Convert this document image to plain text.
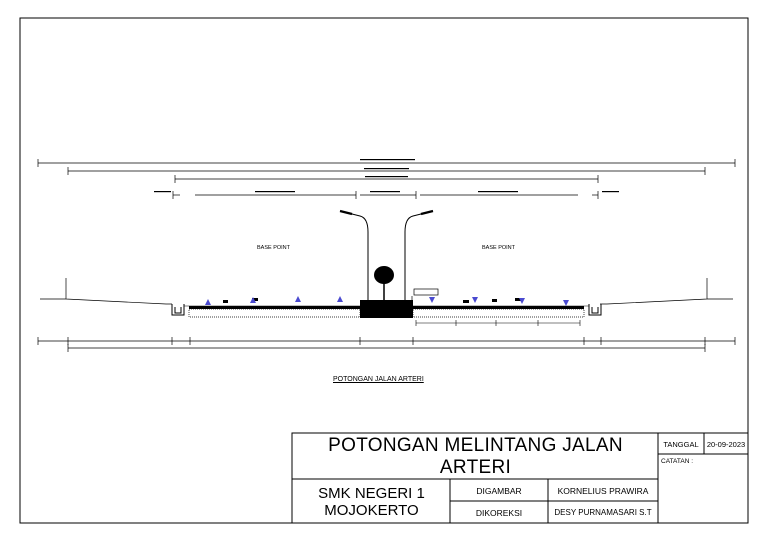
BASE POINT	BASE POINT
POTONGAN JALAN ARTERI
POTONGAN MELINTANG JALAN ARTERI
SMK NEGERI 1
MOJOKERTO
DIGAMBAR	KORNELIUS PRAWIRA
DIKOREKSI	DESY PURNAMASARI S.T
TANGGAL	20-09-2023
CATATAN :
